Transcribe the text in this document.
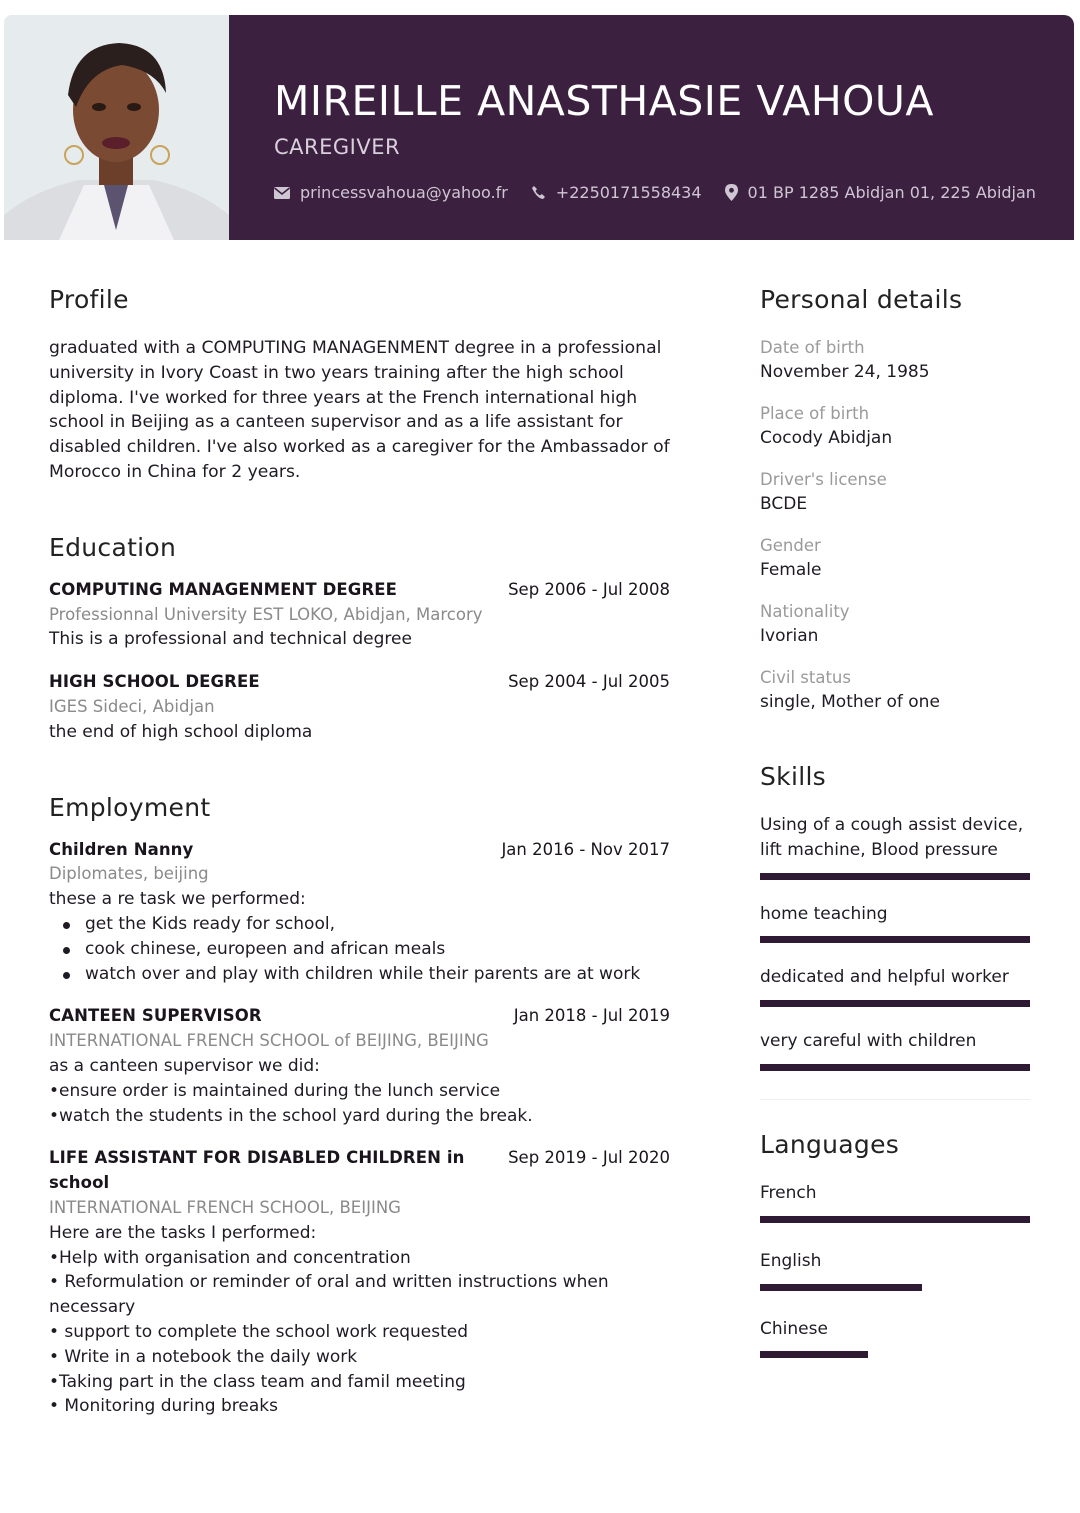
MIREILLE ANASTHASIE VAHOUA
CAREGIVER
princessvahoua@yahoo.fr	+2250171558434	01 BP 1285 Abidjan 01, 225 Abidjan
Profile

graduated with a COMPUTING MANAGENMENT degree in a professional university in Ivory Coast in two years training after the high school diploma. I've worked for three years at the French international high school in Beijing as a canteen supervisor and as a life assistant for disabled children. I've also worked as a caregiver for the Ambassador of Morocco in China for 2 years.

Education
COMPUTING MANAGENMENT DEGREE	Sep 2006 - Jul 2008
Professionnal University EST LOKO, Abidjan, Marcory
This is a professional and technical degree
HIGH SCHOOL DEGREE	Sep 2004 - Jul 2005
IGES Sideci, Abidjan
the end of high school diploma
Employment
Children Nanny	Jan 2016 - Nov 2017
Diplomates, beijing
these a re task we performed:
get the Kids ready for school,
cook chinese, europeen and african meals
watch over and play with children while their parents are at work
CANTEEN SUPERVISOR	Jan 2018 - Jul 2019
INTERNATIONAL FRENCH SCHOOL of BEIJING, BEIJING
as a canteen supervisor we did:
•ensure order is maintained during the lunch service
•watch the students in the school yard during the break.
LIFE ASSISTANT FOR DISABLED CHILDREN in school
Sep 2019 - Jul 2020
INTERNATIONAL FRENCH SCHOOL, BEIJING
Here are the tasks I performed:
•Help with organisation and concentration
• Reformulation or reminder of oral and written instructions when necessary
• support to complete the school work requested
• Write in a notebook the daily work
•Taking part in the class team and famil meeting
• Monitoring during breaks
Personal details
Date of birth
November 24, 1985
Place of birth
Cocody Abidjan
Driver's license
BCDE
Gender
Female
Nationality
Ivorian
Civil status
single, Mother of one
Skills
Using of a cough assist device, lift machine, Blood pressure
home teaching
dedicated and helpful worker
very careful with children
Languages
French
English
Chinese
